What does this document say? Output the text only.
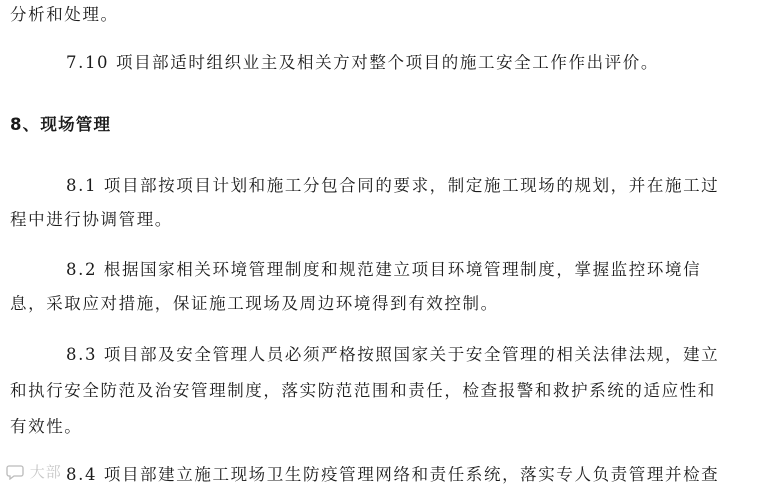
分析和处理。
7.10 项目部适时组织业主及相关方对整个项目的施工安全工作作出评价。
8、现场管理
8.1 项目部按项目计划和施工分包合同的要求，制定施工现场的规划，并在施工过
程中进行协调管理。
8.2 根据国家相关环境管理制度和规范建立项目环境管理制度，掌握监控环境信
息，采取应对措施，保证施工现场及周边环境得到有效控制。
8.3 项目部及安全管理人员必须严格按照国家关于安全管理的相关法律法规，建立
和执行安全防范及治安管理制度，落实防范范围和责任，检查报警和救护系统的适应性和
有效性。
8.4 项目部建立施工现场卫生防疫管理网络和责任系统，落实专人负责管理并检查
大部
